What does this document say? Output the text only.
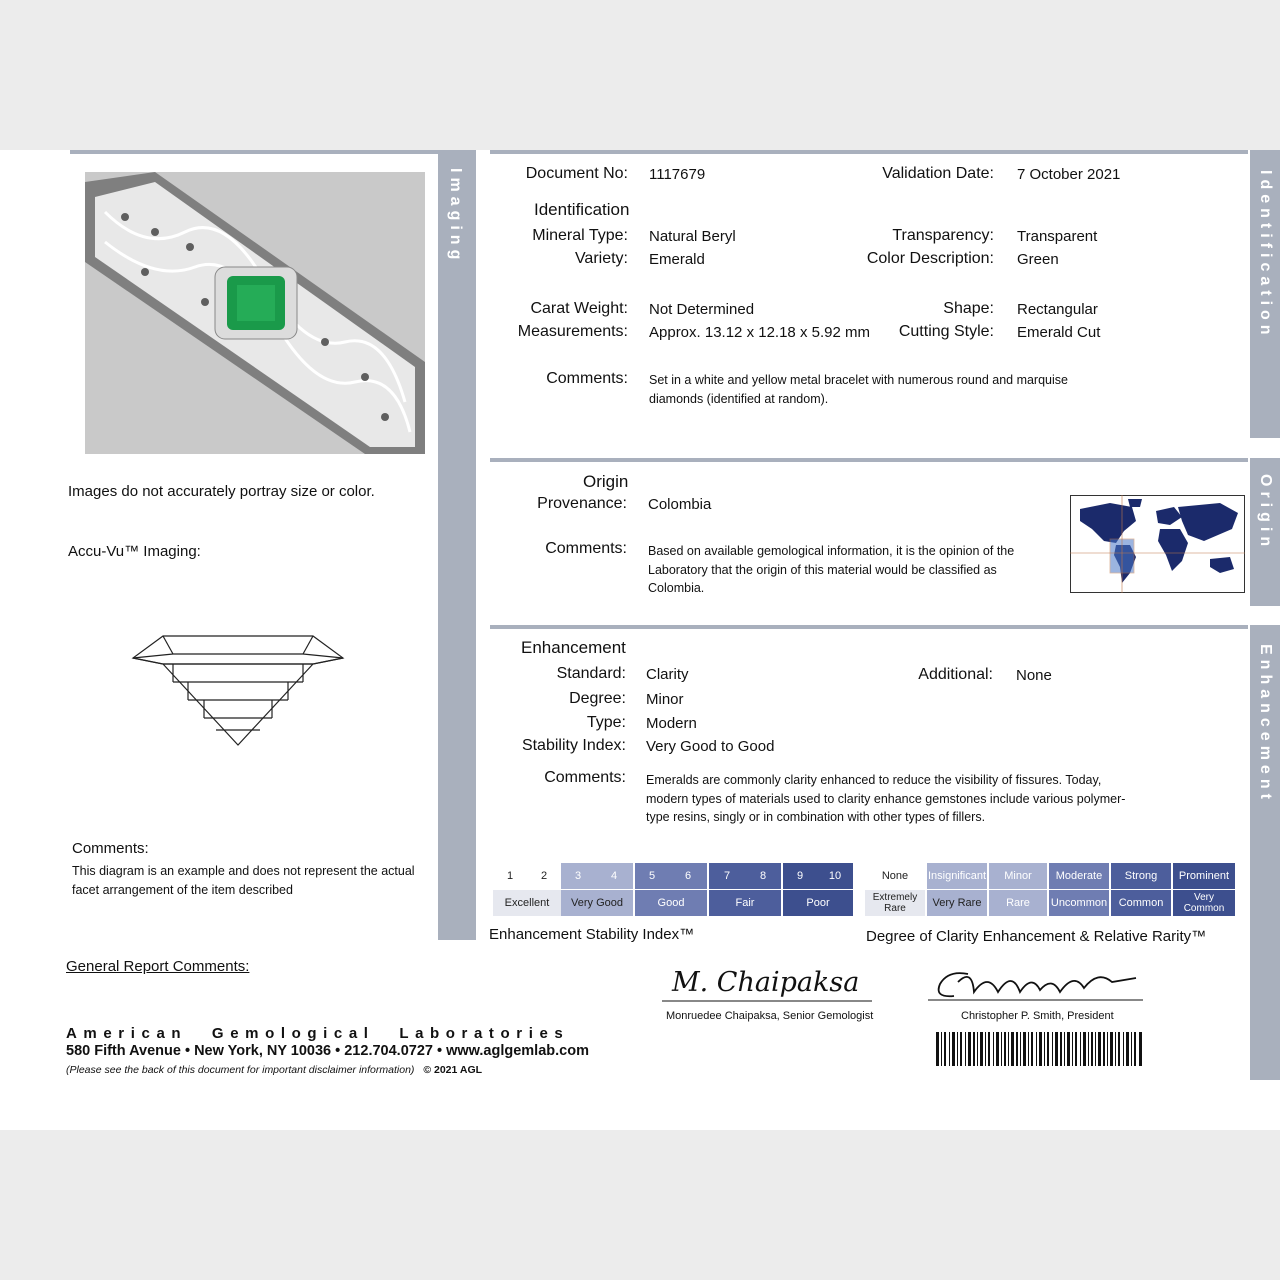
Imaging
Images do not accurately portray size or color.
Accu-Vu™ Imaging:
Comments:
This diagram is an example and does not represent the actual facet arrangement of the item described
Identification
Origin
Enhancement
Document No: 1117679	Validation Date: 7 October 2021
Identification
Mineral Type: Natural Beryl
Variety: Emerald
Transparency: Transparent
Color Description: Green
Carat Weight: Not Determined
Measurements: Approx. 13.12 x 12.18 x 5.92 mm
Shape: Rectangular
Cutting Style: Emerald Cut
Comments: Set in a white and yellow metal bracelet with numerous round and marquise diamonds (identified at random).
Origin
Provenance: Colombia
Comments: Based on available gemological information, it is the opinion of the Laboratory that the origin of this material would be classified as Colombia.
Enhancement
Standard: Clarity
Degree: Minor
Type: Modern
Stability Index: Very Good to Good
Additional: None
Comments: Emeralds are commonly clarity enhanced to reduce the visibility of fissures. Today, modern types of materials used to clarity enhance gemstones include various polymer-type resins, singly or in combination with other types of fillers.
1	2	3	4	5	6	7	8	9	10
Excellent	Very Good	Good	Fair	Poor
Enhancement Stability Index™
None	Insignificant	Minor	Moderate	Strong	Prominent
Extremely Rare	Very Rare	Rare	Uncommon	Common	Very Common
Degree of Clarity Enhancement & Relative Rarity™
General Report Comments:
American Gemological Laboratories
580 Fifth Avenue • New York, NY 10036 • 212.704.0727 • www.aglgemlab.com
(Please see the back of this document for important disclaimer information) © 2021 AGL
M. Chaipaksa
Monruedee Chaipaksa, Senior Gemologist	Christopher P. Smith, President
